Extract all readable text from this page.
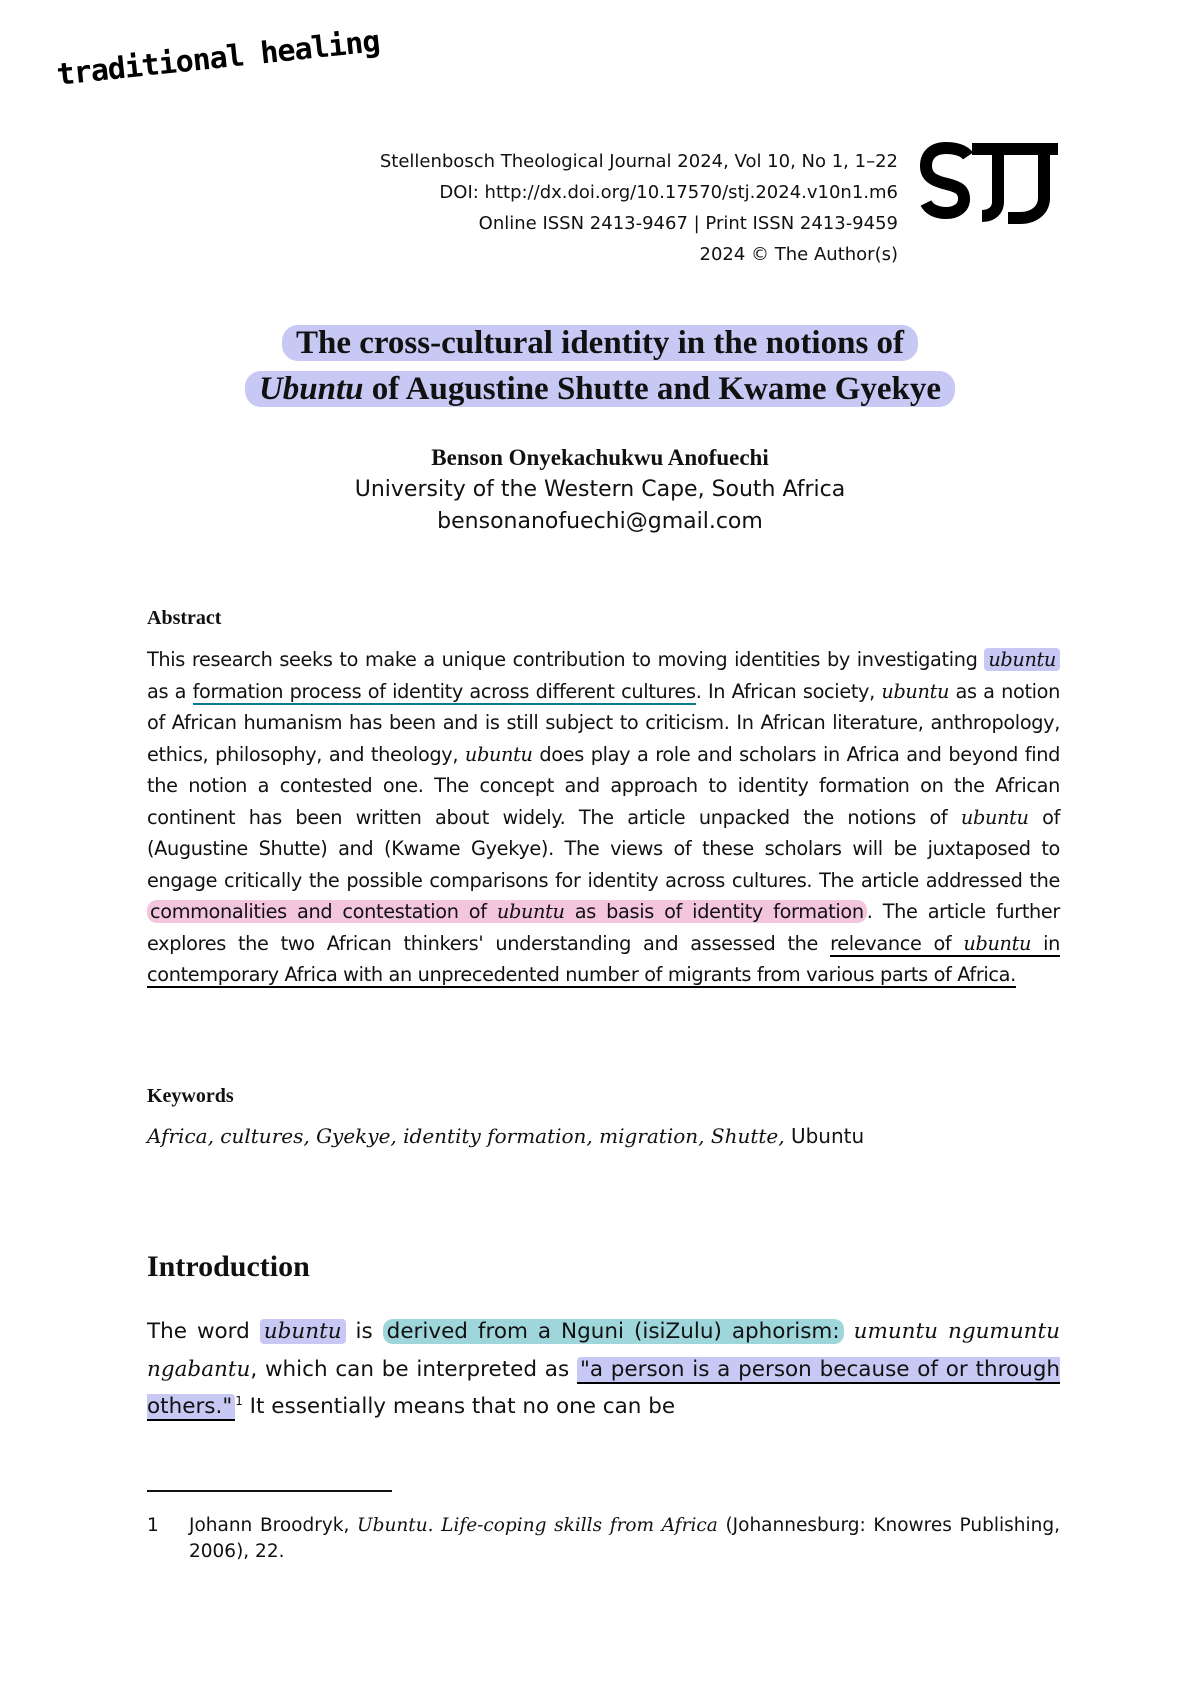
traditional healing
Stellenbosch Theological Journal 2024, Vol 10, No 1, 1–22
DOI: http://dx.doi.org/10.17570/stj.2024.v10n1.m6
Online ISSN 2413-9467 | Print ISSN 2413-9459
2024 © The Author(s)
The cross-cultural identity in the notions of
Ubuntu of Augustine Shutte and Kwame Gyekye
Benson Onyekachukwu Anofuechi
University of the Western Cape, South Africa
bensonanofuechi@gmail.com
Abstract
This research seeks to make a unique contribution to moving identities by investigating ubuntu as a formation process of identity across different cultures. In African society, ubuntu as a notion of African humanism has been and is still subject to criticism. In African literature, anthropology, ethics, philosophy, and theology, ubuntu does play a role and scholars in Africa and beyond find the notion a contested one. The concept and approach to identity formation on the African continent has been written about widely. The article unpacked the notions of ubuntu of (Augustine Shutte) and (Kwame Gyekye). The views of these scholars will be juxtaposed to engage critically the possible comparisons for identity across cultures. The article addressed the commonalities and contestation of ubuntu as basis of identity formation . The article further explores the two African thinkers' understanding and assessed the relevance of ubuntu in contemporary Africa with an unprecedented number of migrants from various parts of Africa.
Keywords
Africa, cultures, Gyekye, identity formation, migration, Shutte, Ubuntu
Introduction
The word ubuntu is derived from a Nguni (isiZulu) aphorism: umuntu ngumuntu ngabantu, which can be interpreted as "a person is a person because of or through others." $^1$ It essentially means that no one can be
1 Johann Broodryk, Ubuntu. Life-coping skills from Africa (Johannesburg: Knowres Publishing, 2006), 22.
